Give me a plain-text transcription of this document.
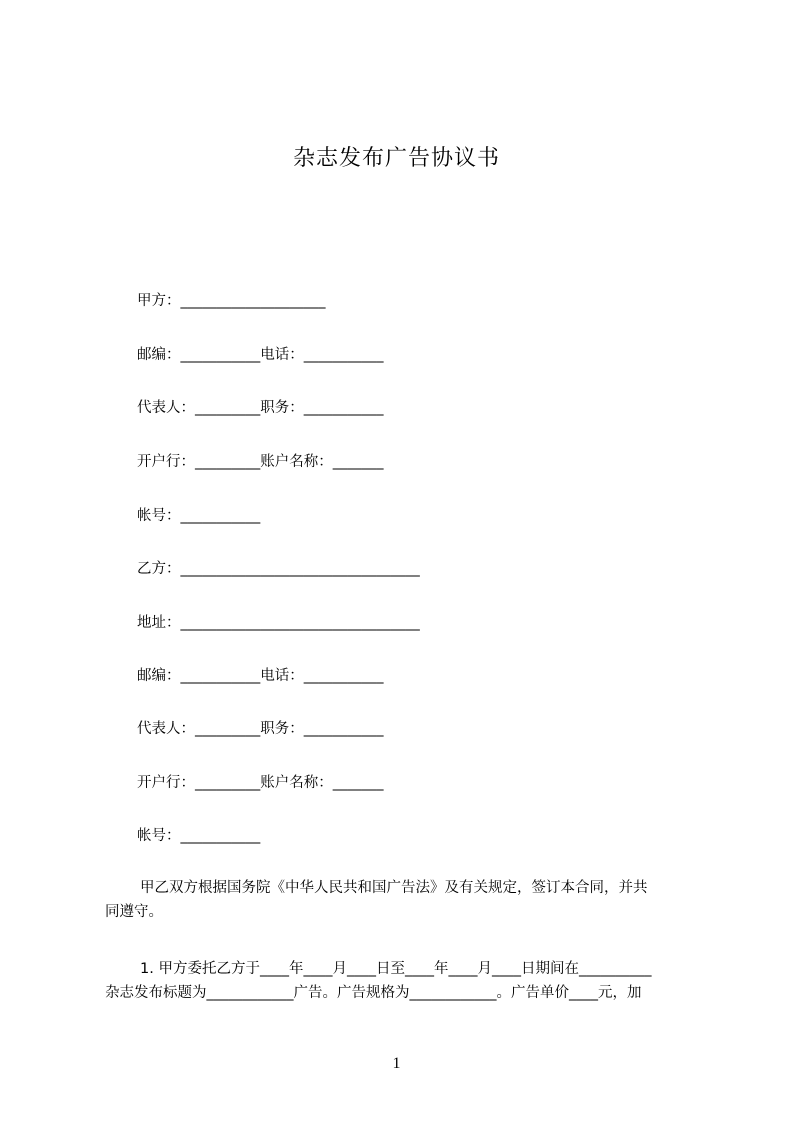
杂志发布广告协议书
甲方：____________________
邮编：___________电话：___________
代表人：_________职务：___________
开户行：_________账户名称：_______
帐号：___________
乙方：_________________________________
地址：_________________________________
邮编：___________电话：___________
代表人：_________职务：___________
开户行：_________账户名称：_______
帐号：___________
甲乙双方根据国务院《中华人民共和国广告法》及有关规定，签订本合同，并共
同遵守。
1. 甲方委托乙方于____年____月____日至____年____月____日期间在__________
杂志发布标题为____________广告。广告规格为____________。广告单价____元，加
1
